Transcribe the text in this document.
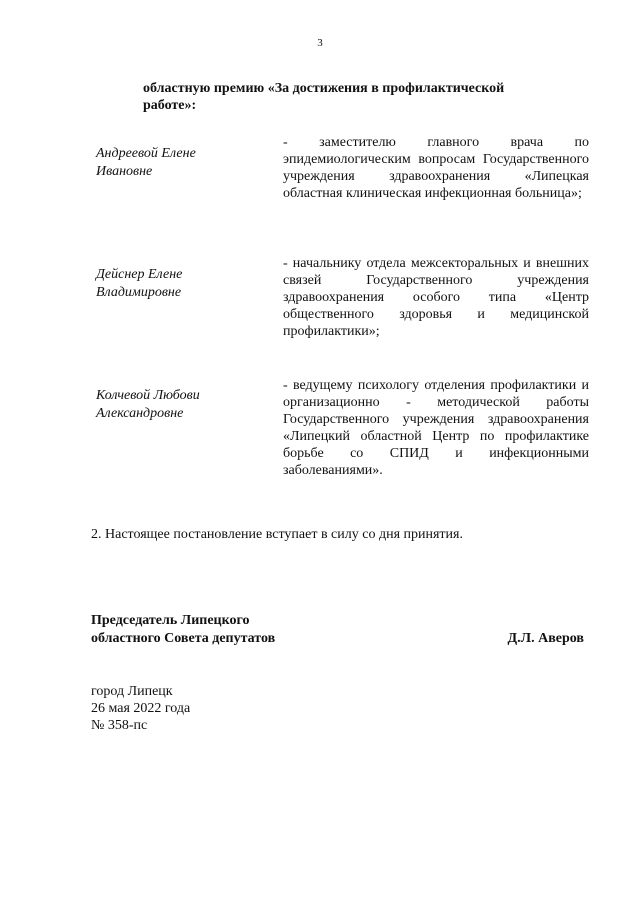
3
областную премию «За достижения в профилактической
работе»:
Андреевой Елене
Ивановне
- заместителю главного врача по эпидемиологическим вопросам Государственного учреждения здравоохранения «Липецкая областная клиническая инфекционная больница»;
Дейснер Елене
Владимировне
- начальнику отдела межсекторальных и внешних связей Государственного учреждения здравоохранения особого типа «Центр общественного здоровья и медицинской профилактики»;
Колчевой Любови
Александровне
- ведущему психологу отделения профилактики и организационно - методической работы Государственного учреждения здравоохранения «Липецкий областной Центр по профилактике борьбе со СПИД и инфекционными заболеваниями».
2. Настоящее постановление вступает в силу со дня принятия.
Председатель Липецкого
областного Совета депутатов	Д.Л. Аверов
город Липецк
26 мая 2022 года
№ 358-пс
